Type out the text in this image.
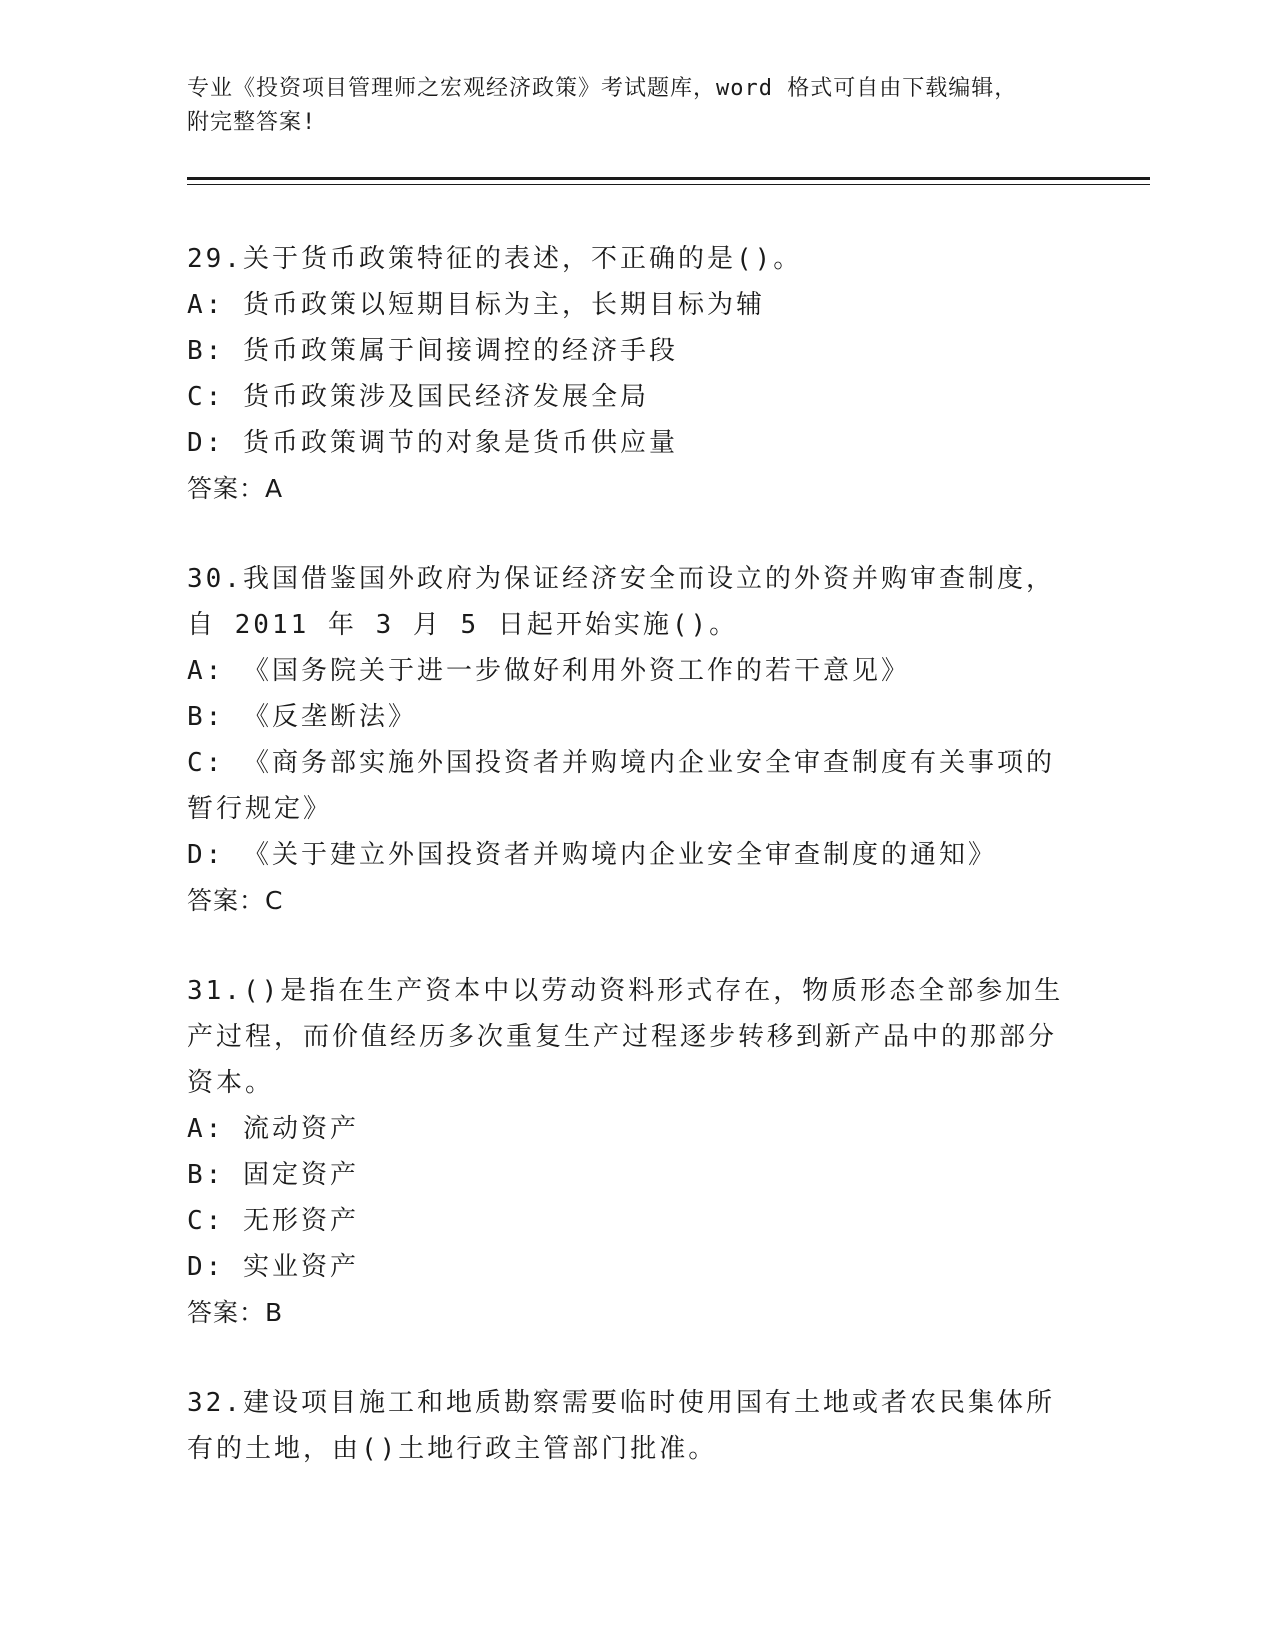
专业《投资项目管理师之宏观经济政策》考试题库，word 格式可自由下载编辑，
附完整答案!
29.关于货币政策特征的表述，不正确的是()。
A: 货币政策以短期目标为主，长期目标为辅
B: 货币政策属于间接调控的经济手段
C: 货币政策涉及国民经济发展全局
D: 货币政策调节的对象是货币供应量
答案：A
30.我国借鉴国外政府为保证经济安全而设立的外资并购审查制度，自 2011 年 3 月 5 日起开始实施()。
A: 《国务院关于进一步做好利用外资工作的若干意见》
B: 《反垄断法》
C: 《商务部实施外国投资者并购境内企业安全审查制度有关事项的暂行规定》
D: 《关于建立外国投资者并购境内企业安全审查制度的通知》
答案：C
31.()是指在生产资本中以劳动资料形式存在，物质形态全部参加生产过程，而价值经历多次重复生产过程逐步转移到新产品中的那部分资本。
A: 流动资产
B: 固定资产
C: 无形资产
D: 实业资产
答案：B
32.建设项目施工和地质勘察需要临时使用国有土地或者农民集体所有的土地，由()土地行政主管部门批准。
